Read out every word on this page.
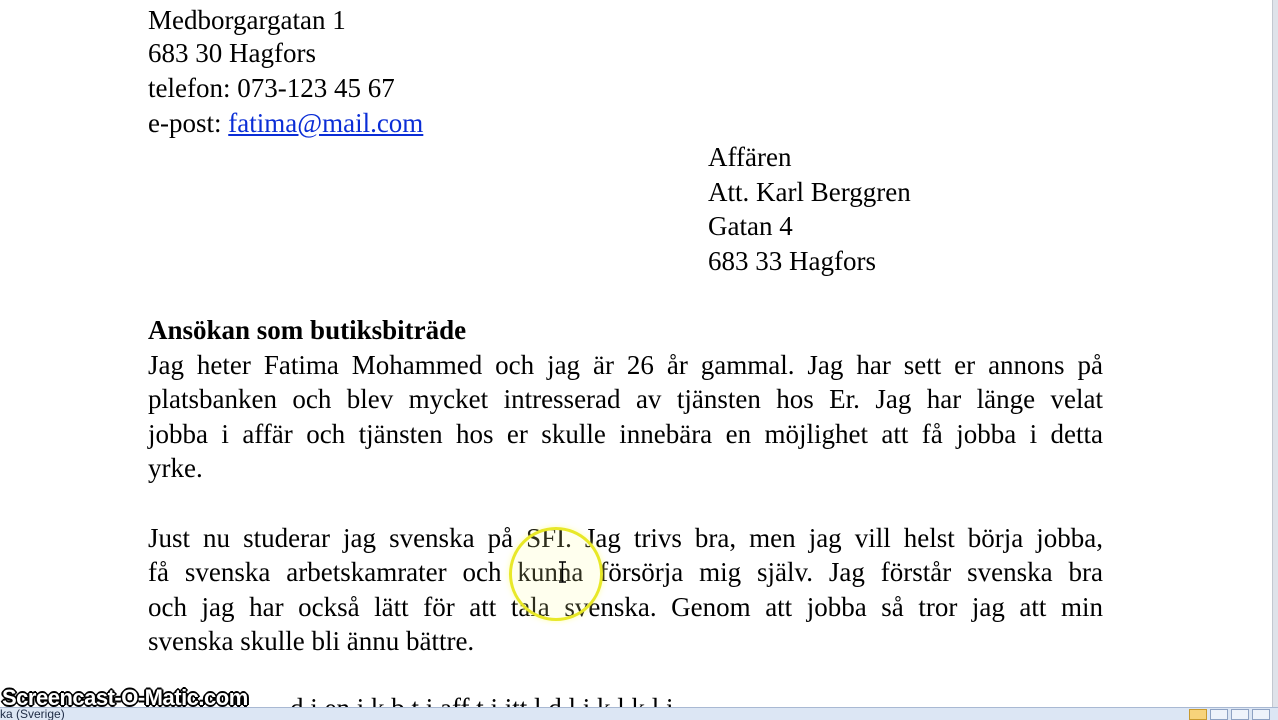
Medborgargatan 1
683 30 Hagfors
telefon: 073-123 45 67
e-post: fatima@mail.com
Affären
Att. Karl Berggren
Gatan 4
683 33 Hagfors
Ansökan som butiksbiträde
Jag heter Fatima Mohammed och jag är 26 år gammal. Jag har sett er annons på
platsbanken och blev mycket intresserad av tjänsten hos Er. Jag har länge velat
jobba i affär och tjänsten hos er skulle innebära en möjlighet att få jobba i detta
yrke.
Just nu studerar jag svenska på SFI. Jag trivs bra, men jag vill helst börja jobba,
få svenska arbetskamrater och kunna försörja mig själv. Jag förstår svenska bra
och jag har också lätt för att tala svenska. Genom att jobba så tror jag att min
svenska skulle bli ännu bättre.
ka (Sverige)
Screencast-O-Matic.com
